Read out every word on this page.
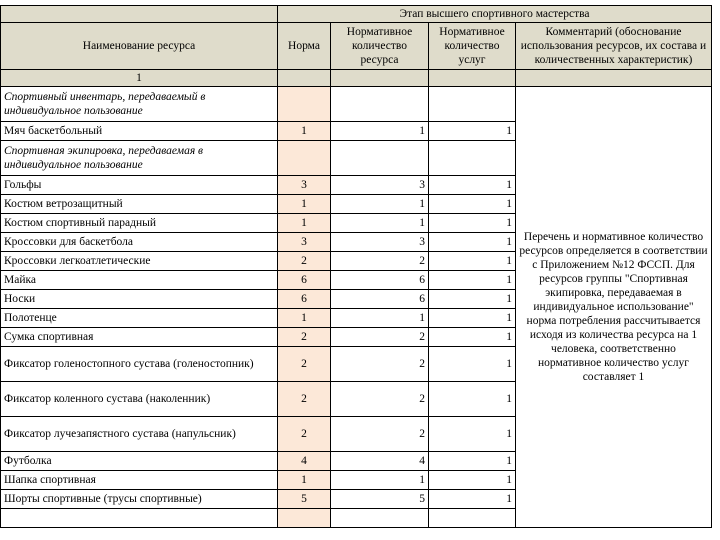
	Этап высшего спортивного мастерства			
Наименование ресурса	Норма	Нормативное количество ресурса	Нормативное количество услуг	Комментарий (обоснование использования ресурсов, их состава и количественных характеристик)
1				
Спортивный инвентарь, передаваемый в индивидуальное пользование				Перечень и нормативное количество ресурсов определяется в соответствии с Приложением №12 ФССП. Для ресурсов группы "Спортивная экипировка, передаваемая в индивидуальное использование" норма потребления рассчитывается исходя из количества ресурса на 1 человека, соответственно нормативное количество услуг составляет 1
Мяч баскетбольный	1	1	1	
Спортивная экипировка, передаваемая в индивидуальное пользование				
Гольфы	3	3	1	
Костюм ветрозащитный	1	1	1	
Костюм спортивный парадный	1	1	1	
Кроссовки для баскетбола	3	3	1	
Кроссовки легкоатлетические	2	2	1	
Майка	6	6	1	
Носки	6	6	1	
Полотенце	1	1	1	
Сумка спортивная	2	2	1	
Фиксатор голеностопного сустава (голеностопник)	2	2	1	
Фиксатор коленного сустава (наколенник)	2	2	1	
Фиксатор лучезапястного сустава (напульсник)	2	2	1	
Футболка	4	4	1	
Шапка спортивная	1	1	1	
Шорты спортивные (трусы спортивные)	5	5	1	
